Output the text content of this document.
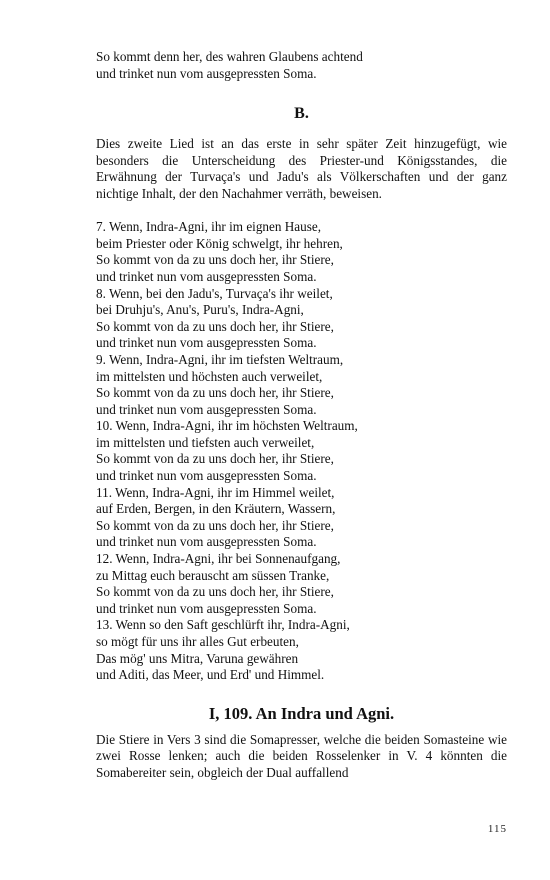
So kommt denn her, des wahren Glaubens achtend

und trinket nun vom ausgepressten Soma.

B.

Dies zweite Lied ist an das erste in sehr später Zeit hinzugefügt, wie besonders die Unterscheidung des Priester-und Königsstandes, die Erwähnung der Turvaça's und Jadu's als Völkerschaften und der ganz nichtige Inhalt, der den Nachahmer verräth, beweisen.

7. Wenn, Indra-Agni, ihr im eignen Hause,

beim Priester oder König schwelgt, ihr hehren,

So kommt von da zu uns doch her, ihr Stiere,

und trinket nun vom ausgepressten Soma.

8. Wenn, bei den Jadu's, Turvaça's ihr weilet,

bei Druhju's, Anu's, Puru's, Indra-Agni,

So kommt von da zu uns doch her, ihr Stiere,

und trinket nun vom ausgepressten Soma.

9. Wenn, Indra-Agni, ihr im tiefsten Weltraum,

im mittelsten und höchsten auch verweilet,

So kommt von da zu uns doch her, ihr Stiere,

und trinket nun vom ausgepressten Soma.

10. Wenn, Indra-Agni, ihr im höchsten Weltraum,

im mittelsten und tiefsten auch verweilet,

So kommt von da zu uns doch her, ihr Stiere,

und trinket nun vom ausgepressten Soma.

11. Wenn, Indra-Agni, ihr im Himmel weilet,

auf Erden, Bergen, in den Kräutern, Wassern,

So kommt von da zu uns doch her, ihr Stiere,

und trinket nun vom ausgepressten Soma.

12. Wenn, Indra-Agni, ihr bei Sonnenaufgang,

zu Mittag euch berauscht am süssen Tranke,

So kommt von da zu uns doch her, ihr Stiere,

und trinket nun vom ausgepressten Soma.

13. Wenn so den Saft geschlürft ihr, Indra-Agni,

so mögt für uns ihr alles Gut erbeuten,

Das mög' uns Mitra, Varuna gewähren

und Aditi, das Meer, und Erd' und Himmel.

I, 109. An Indra und Agni.

Die Stiere in Vers 3 sind die Somapresser, welche die beiden Somasteine wie zwei Rosse lenken; auch die beiden Rosselenker in V. 4 könnten die Somabereiter sein, obgleich der Dual auffallend

115
